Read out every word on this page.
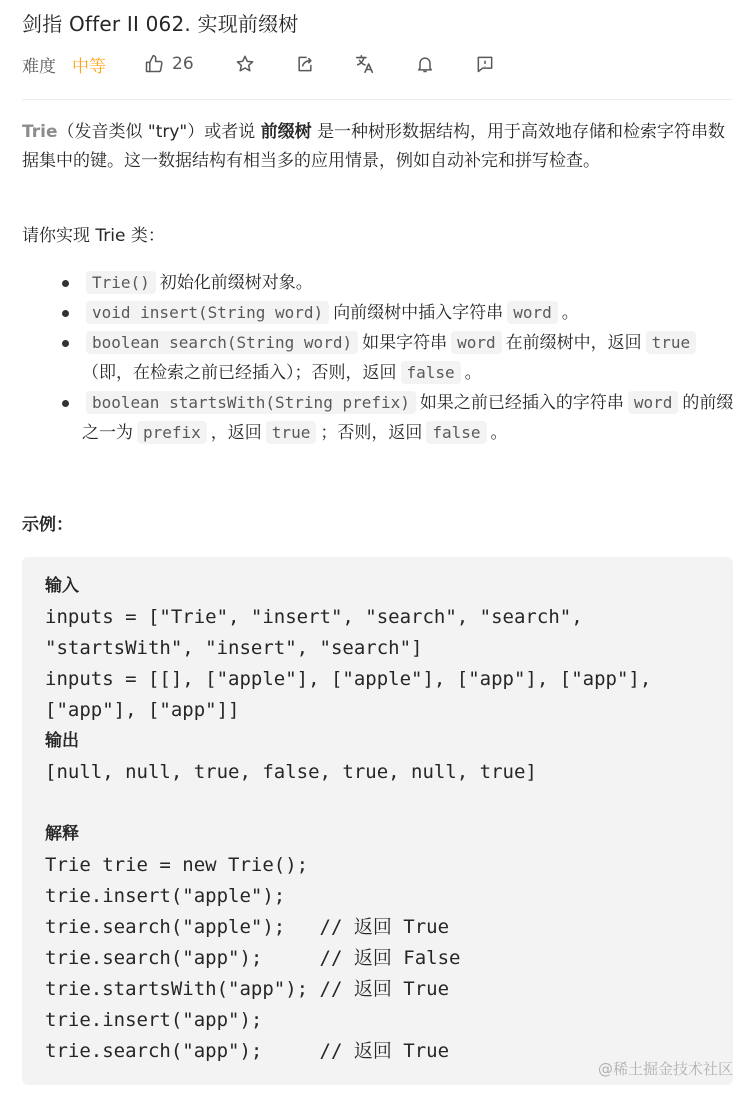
剑指 Offer II 062. 实现前缀树
难度 中等	26
Trie（发音类似 "try"）或者说 前缀树 是一种树形数据结构，用于高效地存储和检索字符串数据集中的键。这一数据结构有相当多的应用情景，例如自动补完和拼写检查。
请你实现 Trie 类：
Trie() 初始化前缀树对象。
void insert(String word) 向前缀树中插入字符串 word 。
boolean search(String word) 如果字符串 word 在前缀树中，返回 true（即，在检索之前已经插入）；否则，返回 false 。
boolean startsWith(String prefix) 如果之前已经插入的字符串 word 的前缀之一为 prefix ，返回 true ；否则，返回 false 。
示例：
输入
inputs = ["Trie", "insert", "search", "search",
"startsWith", "insert", "search"]
inputs = [[], ["apple"], ["apple"], ["app"], ["app"],
["app"], ["app"]]
输出
[null, null, true, false, true, null, true]
解释
Trie trie = new Trie();
trie.insert("apple");
trie.search("apple");   // 返回 True
trie.search("app");     // 返回 False
trie.startsWith("app"); // 返回 True
trie.insert("app");
trie.search("app");     // 返回 True
@稀土掘金技术社区
